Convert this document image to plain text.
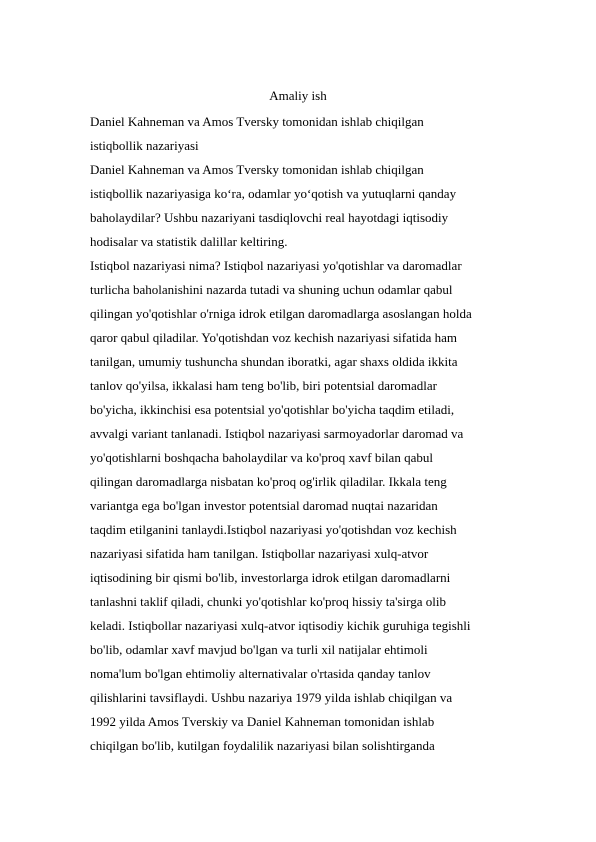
Amaliy ish
Daniel Kahneman va Amos Tversky tomonidan ishlab chiqilgan
istiqbollik nazariyasi
Daniel Kahneman va Amos Tversky tomonidan ishlab chiqilgan
istiqbollik nazariyasiga ko‘ra, odamlar yo‘qotish va yutuqlarni qanday
baholaydilar? Ushbu nazariyani tasdiqlovchi real hayotdagi iqtisodiy
hodisalar va statistik dalillar keltiring.
Istiqbol nazariyasi nima? Istiqbol nazariyasi yo'qotishlar va daromadlar
turlicha baholanishini nazarda tutadi va shuning uchun odamlar qabul
qilingan yo'qotishlar o'rniga idrok etilgan daromadlarga asoslangan holda
qaror qabul qiladilar. Yo'qotishdan voz kechish nazariyasi sifatida ham
tanilgan, umumiy tushuncha shundan iboratki, agar shaxs oldida ikkita
tanlov qo'yilsa, ikkalasi ham teng bo'lib, biri potentsial daromadlar
bo'yicha, ikkinchisi esa potentsial yo'qotishlar bo'yicha taqdim etiladi,
avvalgi variant tanlanadi. Istiqbol nazariyasi sarmoyadorlar daromad va
yo'qotishlarni boshqacha baholaydilar va ko'proq xavf bilan qabul
qilingan daromadlarga nisbatan ko'proq og'irlik qiladilar. Ikkala teng
variantga ega bo'lgan investor potentsial daromad nuqtai nazaridan
taqdim etilganini tanlaydi.Istiqbol nazariyasi yo'qotishdan voz kechish
nazariyasi sifatida ham tanilgan. Istiqbollar nazariyasi xulq-atvor
iqtisodining bir qismi bo'lib, investorlarga idrok etilgan daromadlarni
tanlashni taklif qiladi, chunki yo'qotishlar ko'proq hissiy ta'sirga olib
keladi. Istiqbollar nazariyasi xulq-atvor iqtisodiy kichik guruhiga tegishli
bo'lib, odamlar xavf mavjud bo'lgan va turli xil natijalar ehtimoli
noma'lum bo'lgan ehtimoliy alternativalar o'rtasida qanday tanlov
qilishlarini tavsiflaydi. Ushbu nazariya 1979 yilda ishlab chiqilgan va
1992 yilda Amos Tverskiy va Daniel Kahneman tomonidan ishlab
chiqilgan bo'lib, kutilgan foydalilik nazariyasi bilan solishtirganda
